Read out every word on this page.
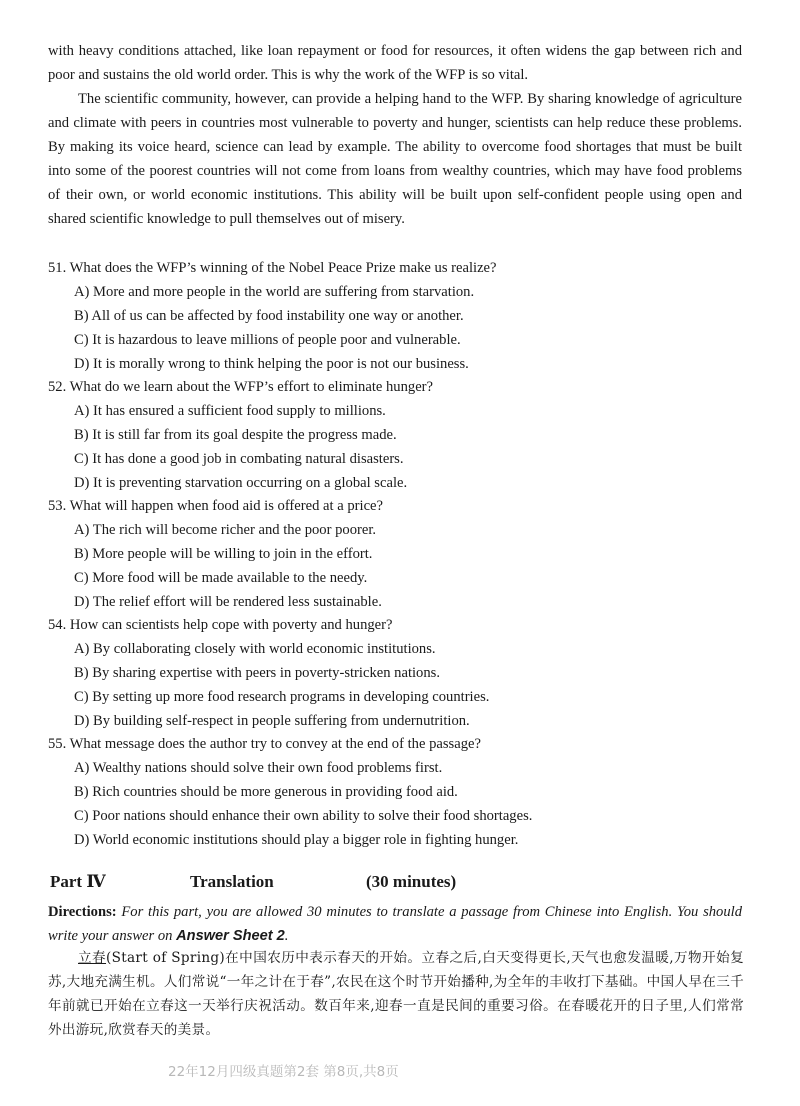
with heavy conditions attached, like loan repayment or food for resources, it often widens the gap between rich and poor and sustains the old world order. This is why the work of the WFP is so vital.

The scientific community, however, can provide a helping hand to the WFP. By sharing knowledge of agriculture and climate with peers in countries most vulnerable to poverty and hunger, scientists can help reduce these problems. By making its voice heard, science can lead by example. The ability to overcome food shortages that must be built into some of the poorest countries will not come from loans from wealthy countries, which may have food problems of their own, or world economic institutions. This ability will be built upon self-confident people using open and shared scientific knowledge to pull themselves out of misery.

51. What does the WFP’s winning of the Nobel Peace Prize make us realize?

A) More and more people in the world are suffering from starvation.

B) All of us can be affected by food instability one way or another.

C) It is hazardous to leave millions of people poor and vulnerable.

D) It is morally wrong to think helping the poor is not our business.

52. What do we learn about the WFP’s effort to eliminate hunger?

A) It has ensured a sufficient food supply to millions.

B) It is still far from its goal despite the progress made.

C) It has done a good job in combating natural disasters.

D) It is preventing starvation occurring on a global scale.

53. What will happen when food aid is offered at a price?

A) The rich will become richer and the poor poorer.

B) More people will be willing to join in the effort.

C) More food will be made available to the needy.

D) The relief effort will be rendered less sustainable.

54. How can scientists help cope with poverty and hunger?

A) By collaborating closely with world economic institutions.

B) By sharing expertise with peers in poverty-stricken nations.

C) By setting up more food research programs in developing countries.

D) By building self-respect in people suffering from undernutrition.

55. What message does the author try to convey at the end of the passage?

A) Wealthy nations should solve their own food problems first.

B) Rich countries should be more generous in providing food aid.

C) Poor nations should enhance their own ability to solve their food shortages.

D) World economic institutions should play a bigger role in fighting hunger.

Part Ⅳ	Translation	(30 minutes)

Directions: For this part, you are allowed 30 minutes to translate a passage from Chinese into English. You should write your answer on Answer Sheet 2.

立春(Start of Spring)在中国农历中表示春天的开始。立春之后,白天变得更长,天气也愈发温暖,万物开始复苏,大地充满生机。人们常说“一年之计在于春”,农民在这个时节开始播种,为全年的丰收打下基础。中国人早在三千年前就已开始在立春这一天举行庆祝活动。数百年来,迎春一直是民间的重要习俗。在春暖花开的日子里,人们常常外出游玩,欣赏春天的美景。

22年12月四级真题第2套 第8页,共8页
